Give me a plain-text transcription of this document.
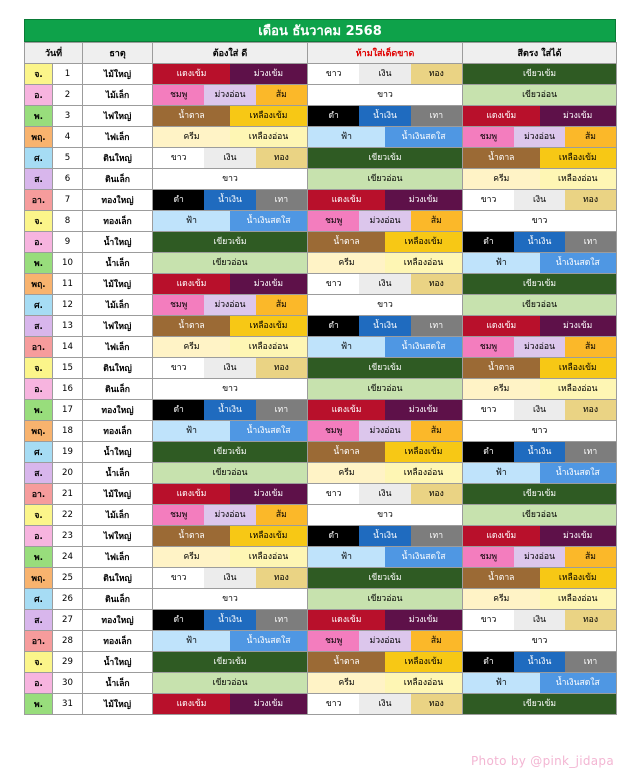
เดือน ธันวาคม 2568
วันที่		ธาตุ	ต้องใส่ ดี	ห้ามใส่เด็ดขาด	สีตรง ใส่ได้
จ.	1	ไม้ใหญ่	แดงเข้ม ม่วงเข้ม	ขาว เงิน ทอง	เขียวเข้ม

อ.	2	ไม้เล็ก	ชมพู ม่วงอ่อน ส้ม	ขาว	เขียวอ่อน

พ.	3	ไฟใหญ่	น้ำตาล เหลืองเข้ม	ดำ น้ำเงิน เทา	แดงเข้ม ม่วงเข้ม

พฤ.	4	ไฟเล็ก	ครีม เหลืองอ่อน	ฟ้า น้ำเงินสดใส	ชมพู ม่วงอ่อน ส้ม

ศ.	5	ดินใหญ่	ขาว เงิน ทอง	เขียวเข้ม	น้ำตาล เหลืองเข้ม

ส.	6	ดินเล็ก	ขาว	เขียวอ่อน	ครีม เหลืองอ่อน

อา.	7	ทองใหญ่	ดำ น้ำเงิน เทา	แดงเข้ม ม่วงเข้ม	ขาว เงิน ทอง

จ.	8	ทองเล็ก	ฟ้า น้ำเงินสดใส	ชมพู ม่วงอ่อน ส้ม	ขาว

อ.	9	น้ำใหญ่	เขียวเข้ม	น้ำตาล เหลืองเข้ม	ดำ น้ำเงิน เทา

พ.	10	น้ำเล็ก	เขียวอ่อน	ครีม เหลืองอ่อน	ฟ้า น้ำเงินสดใส

พฤ.	11	ไม้ใหญ่	แดงเข้ม ม่วงเข้ม	ขาว เงิน ทอง	เขียวเข้ม

ศ.	12	ไม้เล็ก	ชมพู ม่วงอ่อน ส้ม	ขาว	เขียวอ่อน

ส.	13	ไฟใหญ่	น้ำตาล เหลืองเข้ม	ดำ น้ำเงิน เทา	แดงเข้ม ม่วงเข้ม

อา.	14	ไฟเล็ก	ครีม เหลืองอ่อน	ฟ้า น้ำเงินสดใส	ชมพู ม่วงอ่อน ส้ม

จ.	15	ดินใหญ่	ขาว เงิน ทอง	เขียวเข้ม	น้ำตาล เหลืองเข้ม

อ.	16	ดินเล็ก	ขาว	เขียวอ่อน	ครีม เหลืองอ่อน

พ.	17	ทองใหญ่	ดำ น้ำเงิน เทา	แดงเข้ม ม่วงเข้ม	ขาว เงิน ทอง

พฤ.	18	ทองเล็ก	ฟ้า น้ำเงินสดใส	ชมพู ม่วงอ่อน ส้ม	ขาว

ศ.	19	น้ำใหญ่	เขียวเข้ม	น้ำตาล เหลืองเข้ม	ดำ น้ำเงิน เทา

ส.	20	น้ำเล็ก	เขียวอ่อน	ครีม เหลืองอ่อน	ฟ้า น้ำเงินสดใส

อา.	21	ไม้ใหญ่	แดงเข้ม ม่วงเข้ม	ขาว เงิน ทอง	เขียวเข้ม

จ.	22	ไม้เล็ก	ชมพู ม่วงอ่อน ส้ม	ขาว	เขียวอ่อน

อ.	23	ไฟใหญ่	น้ำตาล เหลืองเข้ม	ดำ น้ำเงิน เทา	แดงเข้ม ม่วงเข้ม

พ.	24	ไฟเล็ก	ครีม เหลืองอ่อน	ฟ้า น้ำเงินสดใส	ชมพู ม่วงอ่อน ส้ม

พฤ.	25	ดินใหญ่	ขาว เงิน ทอง	เขียวเข้ม	น้ำตาล เหลืองเข้ม

ศ.	26	ดินเล็ก	ขาว	เขียวอ่อน	ครีม เหลืองอ่อน

ส.	27	ทองใหญ่	ดำ น้ำเงิน เทา	แดงเข้ม ม่วงเข้ม	ขาว เงิน ทอง

อา.	28	ทองเล็ก	ฟ้า น้ำเงินสดใส	ชมพู ม่วงอ่อน ส้ม	ขาว

จ.	29	น้ำใหญ่	เขียวเข้ม	น้ำตาล เหลืองเข้ม	ดำ น้ำเงิน เทา

อ.	30	น้ำเล็ก	เขียวอ่อน	ครีม เหลืองอ่อน	ฟ้า น้ำเงินสดใส

พ.	31	ไม้ใหญ่	แดงเข้ม ม่วงเข้ม	ขาว เงิน ทอง	เขียวเข้ม
Photo by @pink_jidapa
